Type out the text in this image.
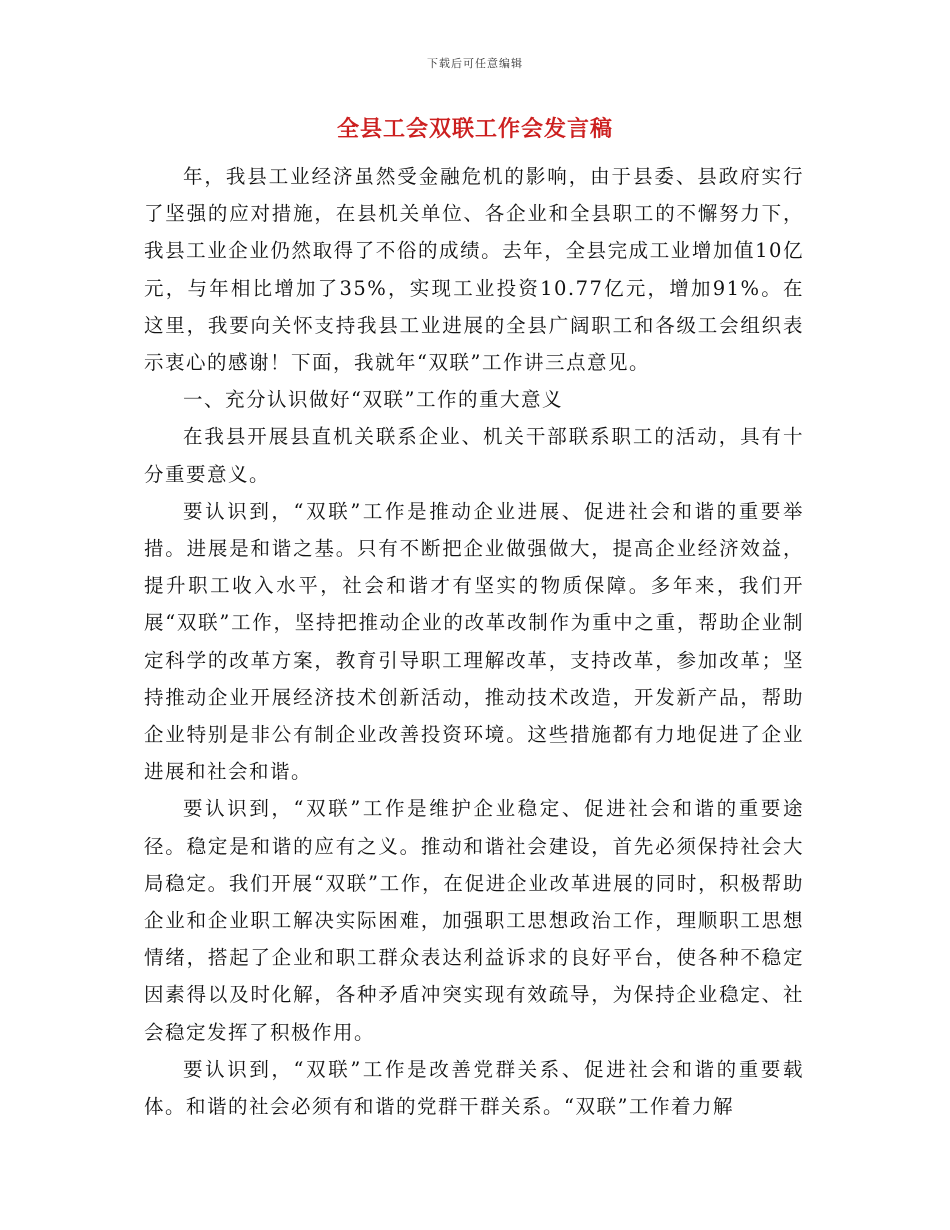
下载后可任意编辑
全县工会双联工作会发言稿

年，我县工业经济虽然受金融危机的影响，由于县委、县政府实行了坚强的应对措施，在县机关单位、各企业和全县职工的不懈努力下，我县工业企业仍然取得了不俗的成绩。去年，全县完成工业增加值10亿元，与年相比增加了35%，实现工业投资10.77亿元，增加91%。在这里，我要向关怀支持我县工业进展的全县广阔职工和各级工会组织表示衷心的感谢！下面，我就年“双联”工作讲三点意见。

一、充分认识做好“双联”工作的重大意义

在我县开展县直机关联系企业、机关干部联系职工的活动，具有十分重要意义。

要认识到，“双联”工作是推动企业进展、促进社会和谐的重要举措。进展是和谐之基。只有不断把企业做强做大，提高企业经济效益，提升职工收入水平，社会和谐才有坚实的物质保障。多年来，我们开展“双联”工作，坚持把推动企业的改革改制作为重中之重，帮助企业制定科学的改革方案，教育引导职工理解改革，支持改革，参加改革；坚持推动企业开展经济技术创新活动，推动技术改造，开发新产品，帮助企业特别是非公有制企业改善投资环境。这些措施都有力地促进了企业进展和社会和谐。

要认识到，“双联”工作是维护企业稳定、促进社会和谐的重要途径。稳定是和谐的应有之义。推动和谐社会建设，首先必须保持社会大局稳定。我们开展“双联”工作，在促进企业改革进展的同时，积极帮助企业和企业职工解决实际困难，加强职工思想政治工作，理顺职工思想情绪，搭起了企业和职工群众表达利益诉求的良好平台，使各种不稳定因素得以及时化解，各种矛盾冲突实现有效疏导，为保持企业稳定、社会稳定发挥了积极作用。

要认识到，“双联”工作是改善党群关系、促进社会和谐的重要载体。和谐的社会必须有和谐的党群干群关系。“双联”工作着力解
